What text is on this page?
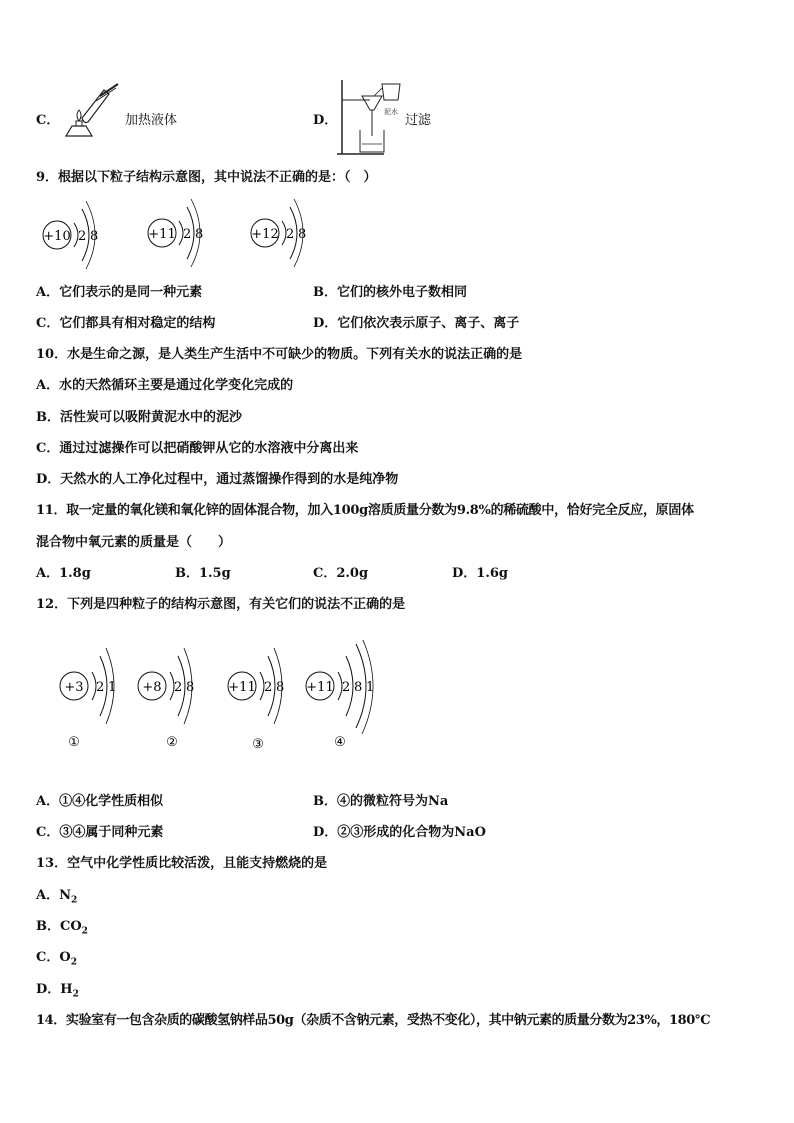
C．	加热液体	D．
泥水
过滤
9．根据以下粒子结构示意图，其中说法不正确的是：（　）
+10 2 8	+11 2 8	+12 2 8
A．它们表示的是同一种元素	B．它们的核外电子数相同
C．它们都具有相对稳定的结构	D．它们依次表示原子、离子、离子
10．水是生命之源，是人类生产生活中不可缺少的物质。下列有关水的说法正确的是
A．水的天然循环主要是通过化学变化完成的
B．活性炭可以吸附黄泥水中的泥沙
C．通过过滤操作可以把硝酸钾从它的水溶液中分离出来
D．天然水的人工净化过程中，通过蒸馏操作得到的水是纯净物
11．取一定量的氧化镁和氧化锌的固体混合物，加入100g溶质质量分数为9.8%的稀硫酸中，恰好完全反应，原固体
混合物中氧元素的质量是（　　）
A．1.8g	B．1.5g	C．2.0g	D．1.6g
12．下列是四种粒子的结构示意图，有关它们的说法不正确的是
+3 2 1
①
+8 2 8
②
+11 2 8
③
+11 2 8 1
④
A．①④化学性质相似	B．④的微粒符号为Na
C．③④属于同种元素	D．②③形成的化合物为NaO
13．空气中化学性质比较活泼，且能支持燃烧的是
A．$N_2$
B．$CO_2$
C．$O_2$
D．$H_2$
14．实验室有一包含杂质的碳酸氢钠样品50g（杂质不含钠元素，受热不变化），其中钠元素的质量分数为23%，180℃
